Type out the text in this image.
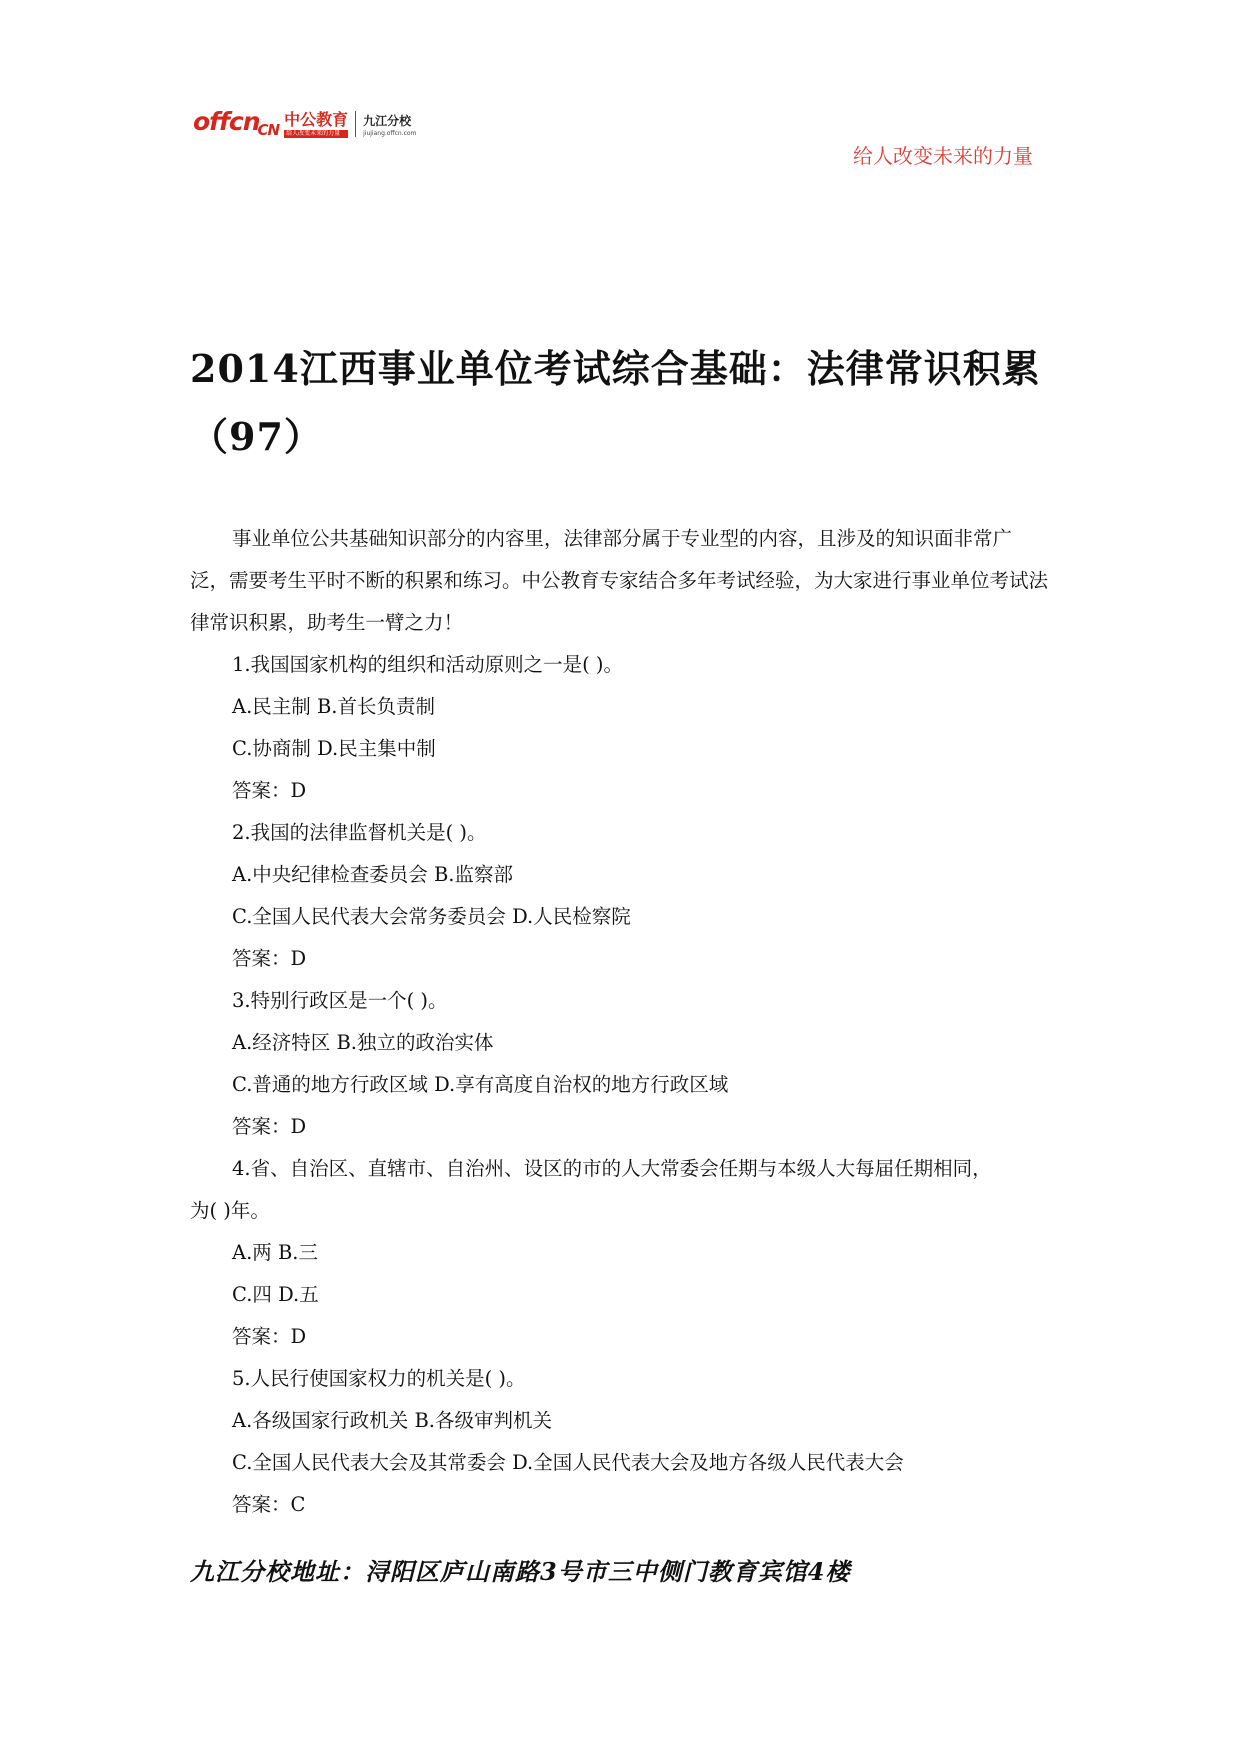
offcn$_{CN}$
中公教育
给人改变未来的力量
九江分校
jiujiang.offcn.com
给人改变未来的力量
2014江西事业单位考试综合基础：法律常识积累（97）
事业单位公共基础知识部分的内容里，法律部分属于专业型的内容，且涉及的知识面非常广泛，需要考生平时不断的积累和练习。中公教育专家结合多年考试经验，为大家进行事业单位考试法律常识积累，助考生一臂之力！
1.我国国家机构的组织和活动原则之一是( )。
A.民主制 B.首长负责制
C.协商制 D.民主集中制
答案：D
2.我国的法律监督机关是( )。
A.中央纪律检查委员会 B.监察部
C.全国人民代表大会常务委员会 D.人民检察院
答案：D
3.特别行政区是一个( )。
A.经济特区 B.独立的政治实体
C.普通的地方行政区域 D.享有高度自治权的地方行政区域
答案：D
4.省、自治区、直辖市、自治州、设区的市的人大常委会任期与本级人大每届任期相同，
为( )年。
A.两 B.三
C.四 D.五
答案：D
5.人民行使国家权力的机关是( )。
A.各级国家行政机关 B.各级审判机关
C.全国人民代表大会及其常委会 D.全国人民代表大会及地方各级人民代表大会
答案：C
九江分校地址：浔阳区庐山南路3号市三中侧门教育宾馆4楼
